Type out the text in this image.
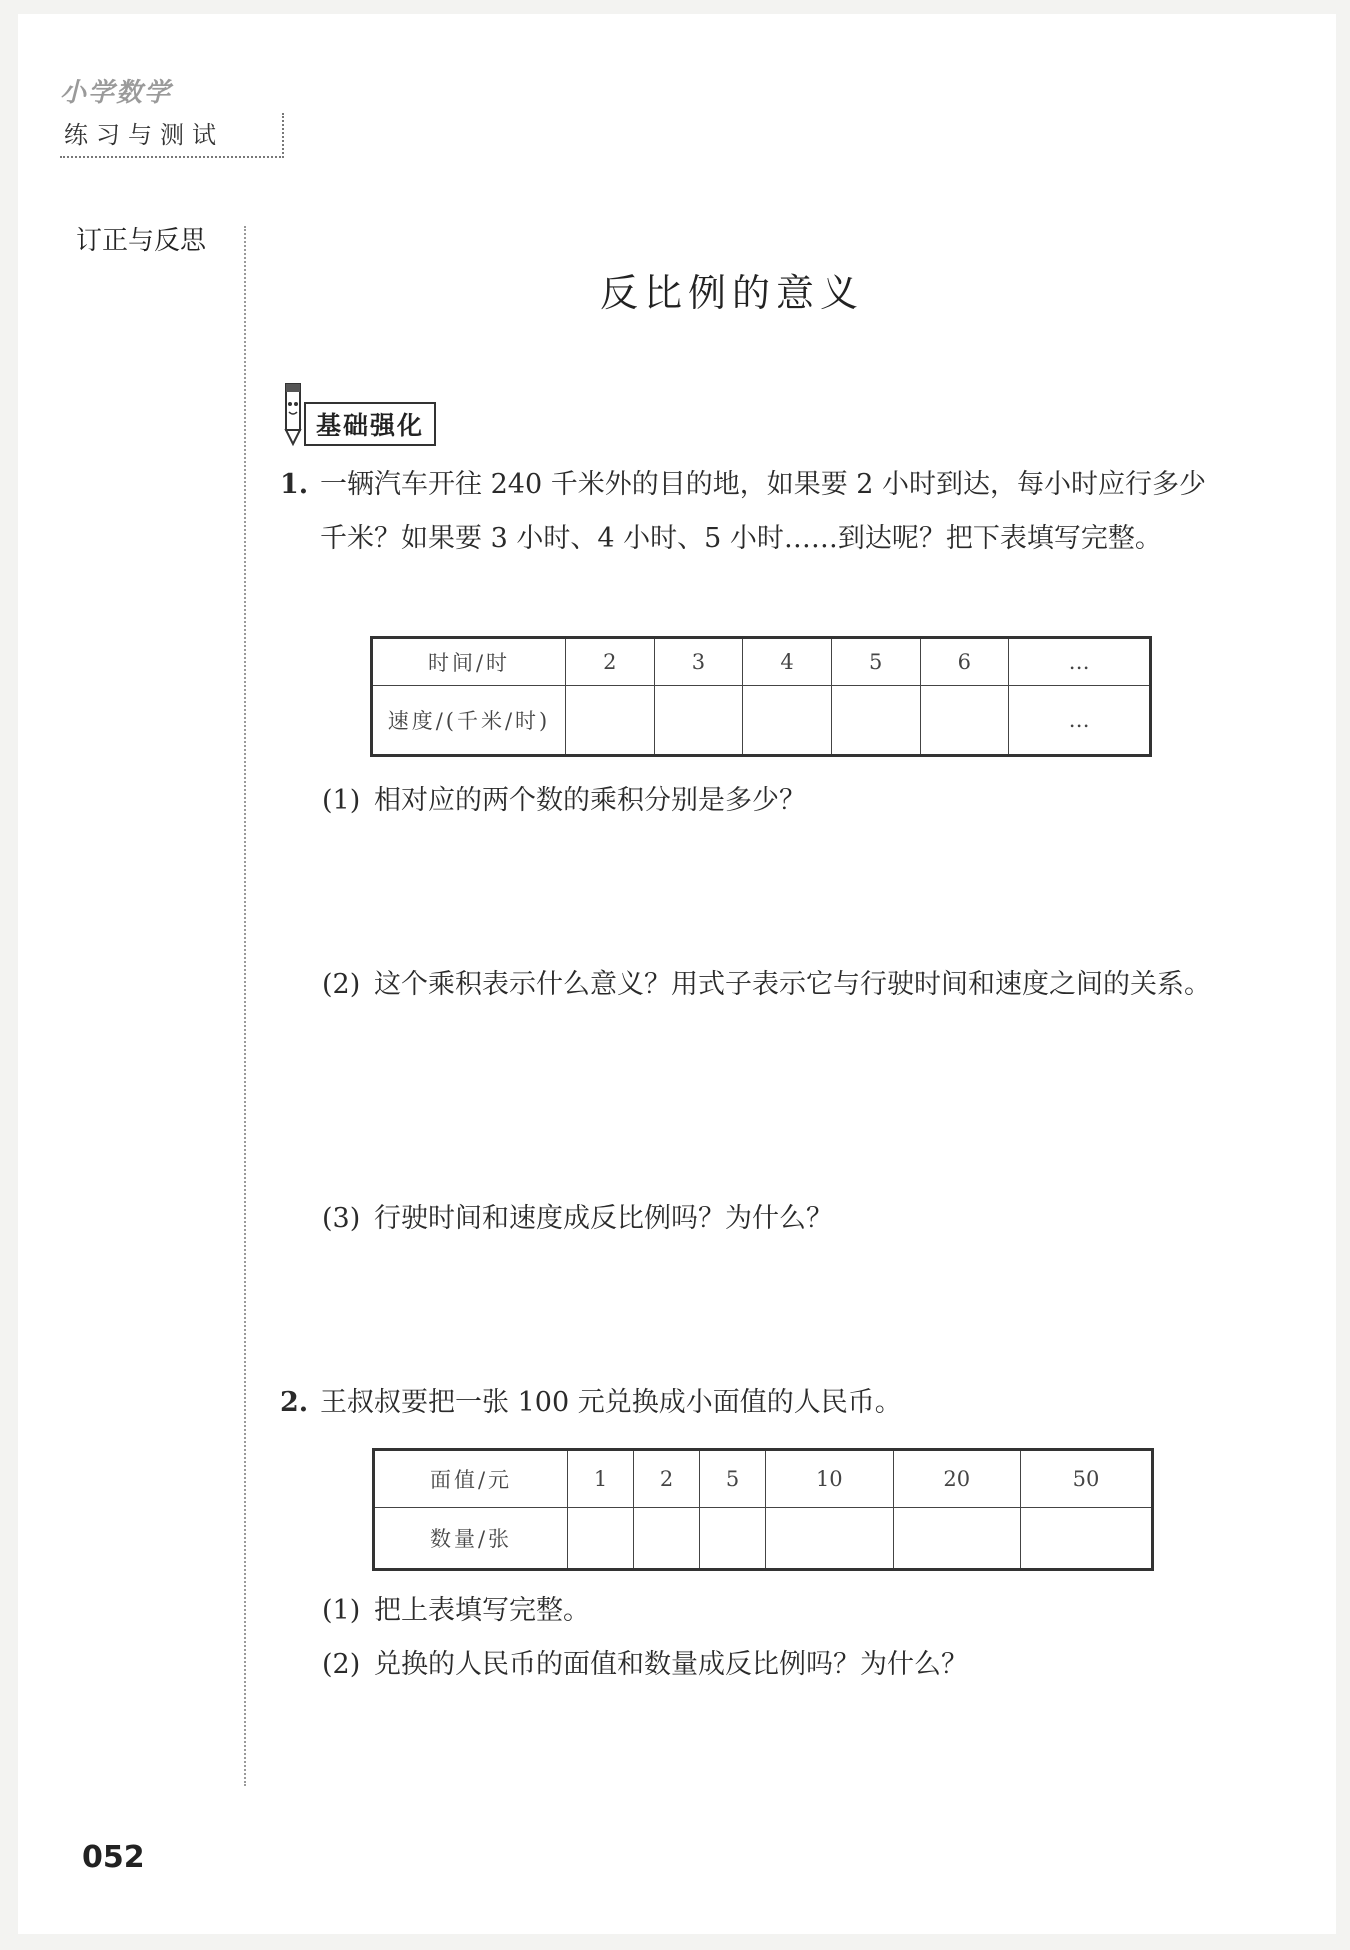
小学数学
练习与测试
订正与反思
反比例的意义
基础强化
1. 一辆汽车开往 240 千米外的目的地，如果要 2 小时到达，每小时应行多少千米？如果要 3 小时、4 小时、5 小时……到达呢？把下表填写完整。
时间/时	2	3	4	5	6	…
速度/(千米/时)						…
(1) 相对应的两个数的乘积分别是多少？
(2) 这个乘积表示什么意义？用式子表示它与行驶时间和速度之间的关系。
(3) 行驶时间和速度成反比例吗？为什么？
2. 王叔叔要把一张 100 元兑换成小面值的人民币。
面值/元	1	2	5	10	20	50
数量/张						
(1) 把上表填写完整。
(2) 兑换的人民币的面值和数量成反比例吗？为什么？
052
